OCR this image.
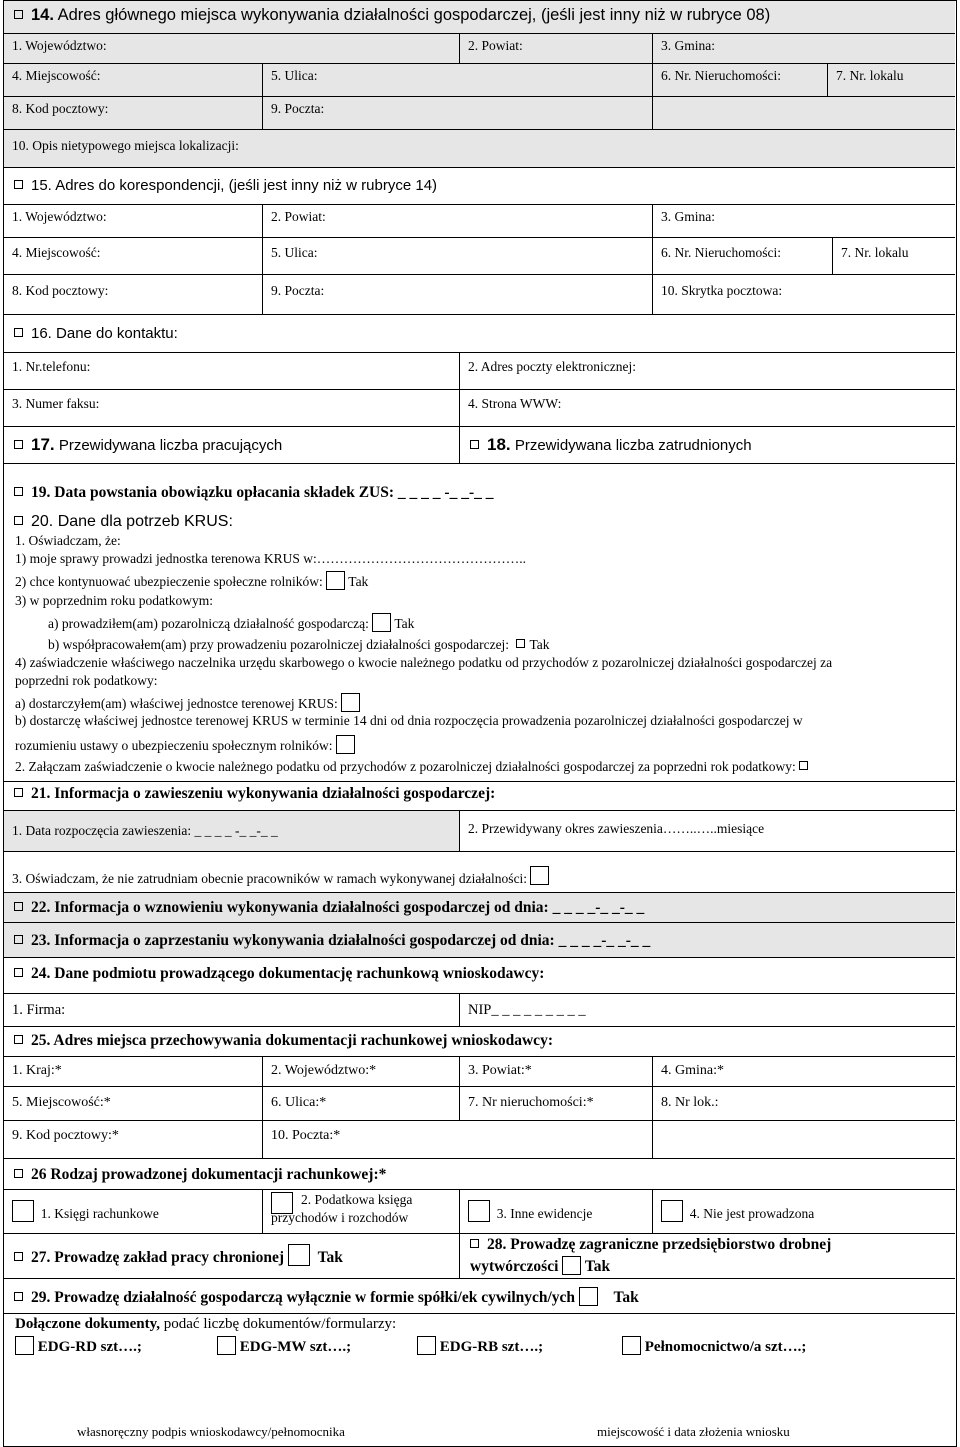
14. Adres głównego miejsca wykonywania działalności gospodarczej, (jeśli jest inny niż w rubryce 08)
1. Województwo:	2. Powiat:	3. Gmina:
4. Miejscowość:	5. Ulica:	6. Nr. Nieruchomości:	7. Nr. lokalu
8. Kod pocztowy:	9. Poczta:
10. Opis nietypowego miejsca lokalizacji:
15. Adres do korespondencji, (jeśli jest inny niż w rubryce 14)
1. Województwo:	2. Powiat:	3. Gmina:
4. Miejscowość:	5. Ulica:	6. Nr. Nieruchomości:	7. Nr. lokalu
8. Kod pocztowy:	9. Poczta:	10. Skrytka pocztowa:
16. Dane do kontaktu:
1. Nr.telefonu:	2. Adres poczty elektronicznej:
3. Numer faksu:	4. Strona WWW:
17. Przewidywana liczba pracujących	18. Przewidywana liczba zatrudnionych
19. Data powstania obowiązku opłacania składek ZUS: _ _ _ _ -_ _-_ _
20. Dane dla potrzeb KRUS:
1. Oświadczam, że:
1) moje sprawy prowadzi jednostka terenowa KRUS w:………………………………………..
2) chce kontynuować ubezpieczenie społeczne rolników: Tak
3) w poprzednim roku podatkowym:
a) prowadziłem(am) pozarolniczą działalność gospodarczą: Tak
b) współpracowałem(am) przy prowadzeniu pozarolniczej działalności gospodarczej: Tak
4) zaświadczenie właściwego naczelnika urzędu skarbowego o kwocie należnego podatku od przychodów z pozarolniczej działalności gospodarczej za
poprzedni rok podatkowy:
a) dostarczyłem(am) właściwej jednostce terenowej KRUS:
b) dostarczę właściwej jednostce terenowej KRUS w terminie 14 dni od dnia rozpoczęcia prowadzenia pozarolniczej działalności gospodarczej w
rozumieniu ustawy o ubezpieczeniu społecznym rolników:
2. Załączam zaświadczenie o kwocie należnego podatku od przychodów z pozarolniczej działalności gospodarczej za poprzedni rok podatkowy:
21. Informacja o zawieszeniu wykonywania działalności gospodarczej:
1. Data rozpoczęcia zawieszenia: _ _ _ _ -_ _-_ _	2. Przewidywany okres zawieszenia……..…..miesiące
3. Oświadczam, że nie zatrudniam obecnie pracowników w ramach wykonywanej działalności:
22. Informacja o wznowieniu wykonywania działalności gospodarczej od dnia: _ _ _ _-_ _-_ _
23. Informacja o zaprzestaniu wykonywania działalności gospodarczej od dnia: _ _ _ _-_ _-_ _
24. Dane podmiotu prowadzącego dokumentację rachunkową wnioskodawcy:
1. Firma:	NIP_ _ _ _ _ _ _ _ _
25. Adres miejsca przechowywania dokumentacji rachunkowej wnioskodawcy:
1. Kraj:*	2. Województwo:*	3. Powiat:*	4. Gmina:*
5. Miejscowość:*	6. Ulica:*	7. Nr nieruchomości:*	8. Nr lok.:
9. Kod pocztowy:*	10. Poczta:*
26 Rodzaj prowadzonej dokumentacji rachunkowej:*
1. Księgi rachunkowe
2. Podatkowa księga
przychodów i rozchodów	3. Inne ewidencje	4. Nie jest prowadzona
27. Prowadzę zakład pracy chronionej Tak
28. Prowadzę zagraniczne przedsiębiorstwo drobnej
wytwórczości Tak
29. Prowadzę działalność gospodarczą wyłącznie w formie spółki/ek cywilnych/ych Tak
Dołączone dokumenty, podać liczbę dokumentów/formularzy:
EDG-RD szt….;	EDG-MW szt….;	EDG-RB szt….;	Pełnomocnictwo/a szt….;
własnoręczny podpis wnioskodawcy/pełnomocnika	miejscowość i data złożenia wniosku
